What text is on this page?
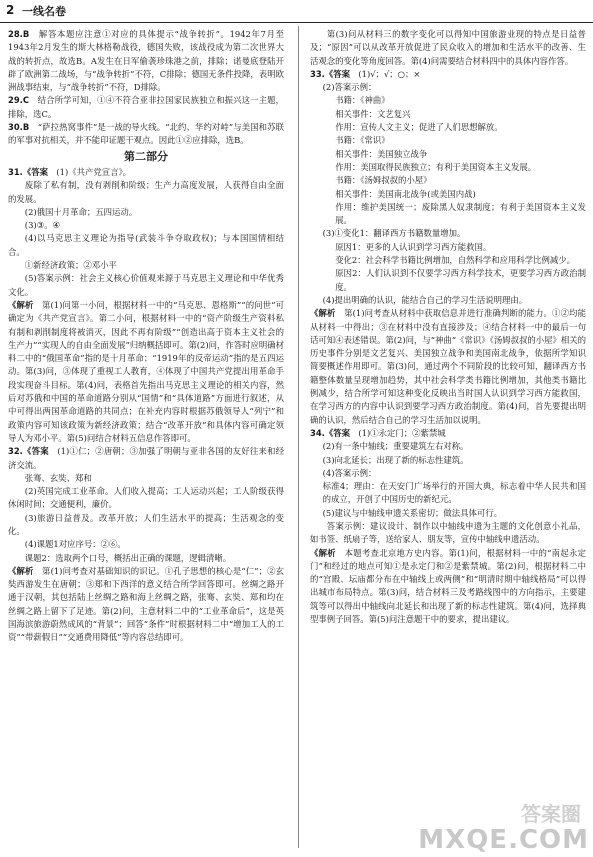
2 一线名卷

28.B　解答本题应注意①对应的具体提示“战争转折”。1942年7月至1943年2月发生的斯大林格勒战役，德国失败，该战役成为第二次世界大战的转折点，故选B。A发生在日军偷袭珍珠港之前，排除；诺曼底登陆开辟了欧洲第二战场，与“战争转折”不符，C排除；德国无条件投降，表明欧洲战事结束，与“战争转折”不符，D排除。

29.C　结合所学可知，①④不符合亚非拉国家民族独立和振兴这一主题，排除，选C。

30.B　“萨拉热窝事件”是一战的导火线。“北约、华约对峙”与美国和苏联的军事对抗相关，并不能印证题干观点。因此①②应排除，选B。

第二部分

31.《答案　(1)《共产党宣言》。

废除了私有制，没有剥削和阶级；生产力高度发展，人获得自由全面的发展。

(2)俄国十月革命；五四运动。

(3)③。④

(4)以马克思主义理论为指导(武装斗争夺取政权)；与本国国情相结合。

①新经济政策；②邓小平

(5)答案示例：社会主义核心价值观来源于马克思主义理论和中华优秀文化。

《解析　第(1)问第一小问，根据材料一中的“马克思、恩格斯”“的问世”可确定为《共产党宣言》。第二小问，根据材料一中的“资产阶级生产资料私有制和剥削制度将被消灭，因此不再有阶级”“创造出高于资本主义社会的生产力”“实现人的自由全面发展”归纳概括即可。第(2)问，作答时应明确材料二中的“俄国革命”指的是十月革命；“1919年的反帝运动”指的是五四运动。第(3)问，③体现了重视工人教育，④体现了中国共产党提出用革命手段实现奋斗目标。第(4)问，表格首先指出马克思主义理论的相关内容，然后对苏俄和中国的革命道路分别从“国情”和“具体道路”方面进行叙述，从中可得出两国革命道路的共同点；在补充内容时根据苏俄领导人“列宁”和政策内容可知该政策为新经济政策；结合“改革开放”和具体内容可确定领导人为邓小平。第(5)问结合材料五信息作答即可。

32.《答案　(1)①仁；②唐朝；③加强了明朝与亚非各国的友好往来和经济交流。

张骞、玄奘、郑和

(2)英国完成工业革命。人们收入提高；工人运动兴起；工人阶级获得休闲时间；交通便利，廉价。

(3)旅游日益普及。改革开放；人们生活水平的提高；生活观念的变化。

(4)课题1对应序号：②⑥。

课题2：选取两个口号，概括出正确的课题，逻辑清晰。

《解析　第(1)问考查对基础知识的识记。①孔子思想的核心是“仁”；②玄奘西游发生在唐朝；③郑和下西洋的意义结合所学回答即可。丝绸之路开通于汉朝，其包括陆上丝绸之路和海上丝绸之路，张骞、玄奘、郑和均在丝绸之路上留下了足迹。第(2)问，主意材料二中的“工业革命后”，这是英国海滨旅游蔚然成风的“背景”；回答“条件”时根据材料二中“增加工人的工资”“带薪假日”“交通费用降低”等内容总结即可。

第(3)问从材料三的数字变化可以得知中国旅游业现的特点是日益普及；“原因”可以从改革开放促进了民众收入的增加和生活水平的改善、生活观念的变化等角度回答。第(4)问需要结合材料四中的具体内容作答。

33.《答案　(1)√；√；○；×

(2)答案示例：

书籍：《神曲》

相关事件：文艺复兴

作用：宣传人文主义；促进了人们思想解放。

书籍：《常识》

相关事件：美国独立战争

作用：美国取得民族独立；有利于美国资本主义发展。

书籍：《汤姆叔叔的小屋》

相关事件：美国南北战争(或美国内战)

作用：维护美国统一；废除黑人奴隶制度；有利于美国资本主义发展。

(3)①变化1：翻译西方书籍数量增加。

原因1：更多的人认识到学习西方能救国。

变化2：社会科学书籍比例增加，自然科学和应用科学比例减少。

原因2：人们认识到不仅要学习西方科学技术，更要学习西方政治制度。

(4)提出明确的认识，能结合自己的学习生活说明理由。

《解析　第(1)问考查从材料中获取信息并进行准确判断的能力。①②均能从材料一中得出；③在材料中没有直接涉及；④结合材料一中的最后一句话可知④表述错误。第(2)问，与“神曲”《常识》《汤姆叔叔的小屋》相关的历史事件分别是文艺复兴、美国独立战争和美国南北战争，依据所学知识简要概述作用即可。第(3)问，通过两个不同阶段的比较可知，翻译西方书籍整体数量呈现增加趋势，其中社会科学类书籍比例增加，其他类书籍比例减少，结合所学可知这种变化反映出当时国人认识到学习西方能救国，在学习西方的内容中认识到要学习西方政治制度。第(4)问，首先要提出明确的认识，然后结合自己的学习生活加以说明。

34.《答案　(1)①永定门；②紫禁城

(2)有一条中轴线；重要建筑左右对称。

(3)向北延长；出现了新的标志性建筑。

(4)答案示例：

标准4；理由：在天安门广场举行的开国大典，标志着中华人民共和国的成立，开创了中国历史的新纪元。

(5)建议与中轴线申遗关系密切；做法具体可行。

答案示例：建议设计、制作以中轴线申遗为主题的文化创意小礼品，如书签、纸扇子等，送给家人、朋友等，宣传中轴线申遗活动。

《解析　本题考查北京地方史内容。第(1)问，根据材料一中的“南起永定门”和经过的地点可知①是永定门和②是紫禁城。第(2)问，根据材料二中的“宫殿、坛庙都分布在中轴线上或两侧”和“明清时期中轴线格局”可以得出城市布局特点。第(3)问，结合材料三及考路线图中的方向指示，主要建筑等可以得出中轴线向北延长和出现了新的标志性建筑。第(4)问，选择典型事例子回答。第(5)问注意题干中的要求，提出建议。

答案圈
MXQE.COM
